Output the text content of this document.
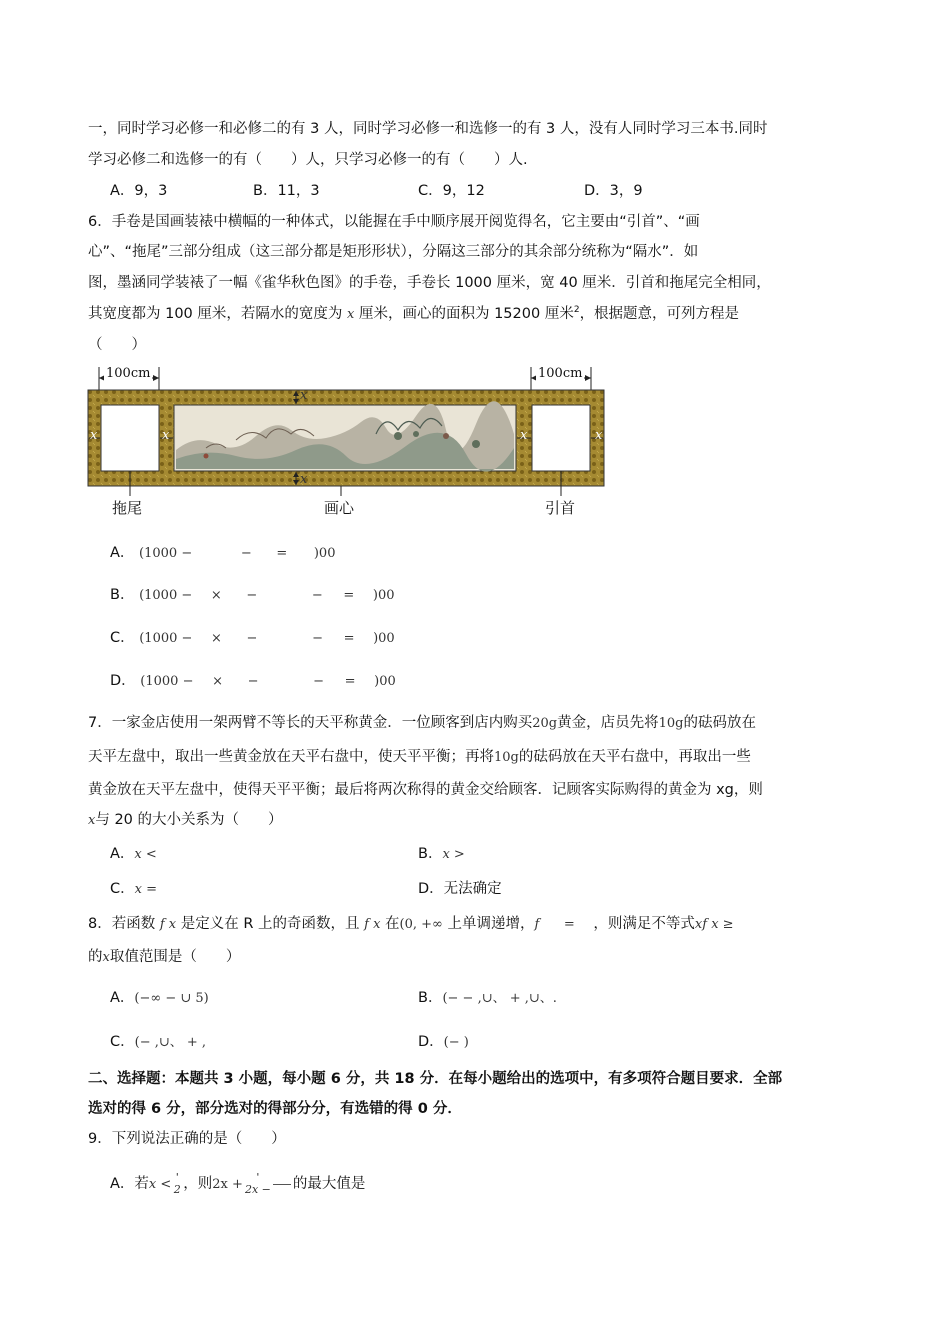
一，同时学习必修一和必修二的有 3 人，同时学习必修一和选修一的有 3 人，没有人同时学习三本书.同时
学习必修二和选修一的有（　　）人，只学习必修一的有（　　）人.
A．9，3	B．11，3	C．9，12	D．3，9
6．手卷是国画装裱中横幅的一种体式，以能握在手中顺序展开阅览得名，它主要由“引首”、“画
心”、“拖尾”三部分组成（这三部分都是矩形形状），分隔这三部分的其余部分统称为“隔水”．如
图，墨涵同学装裱了一幅《雀华秋色图》的手卷，手卷长 1000 厘米，宽 40 厘米．引首和拖尾完全相同，
其宽度都为 100 厘米，若隔水的宽度为 x 厘米，画心的面积为 15200 厘米$^2$，根据题意，可列方程是
（　　）
100cm	100cm
x
x
x	x	x	x
拖尾	画心	引首
A． (1000 −	− = )00
B． (1000 − × −	− = )00
C． (1000 − × −	− = )00
D． (1000 − × −	− = )00
7．一家金店使用一架两臂不等长的天平称黄金．一位顾客到店内购买20g黄金，店员先将10g的砝码放在
天平左盘中，取出一些黄金放在天平右盘中，使天平平衡；再将10g的砝码放在天平右盘中，再取出一些
黄金放在天平左盘中，使得天平平衡；最后将两次称得的黄金交给顾客．记顾客实际购得的黄金为 xg，则
x与 20 的大小关系为（　　）
A．x <	B．x >
C．x =	D．无法确定
8．若函数 f x 是定义在 R 上的奇函数，且 f x 在(0, +∞ 上单调递增，f = ，则满足不等式xf x ≥
的x取值范围是（　　）
A．(−∞ − ∪ 5)	B．(− − ,∪、 + ,∪、.
C．(− ,∪、 + ,	D．(− )
二、选择题：本题共 3 小题，每小题 6 分，共 18 分．在每小题给出的选项中，有多项符合题目要求．全部
选对的得 6 分，部分选对的得部分分，有选错的得 0 分．
9．下列说法正确的是（　　）
A．若x < '
2 ，则2x +	'
2x − 的最大值是
